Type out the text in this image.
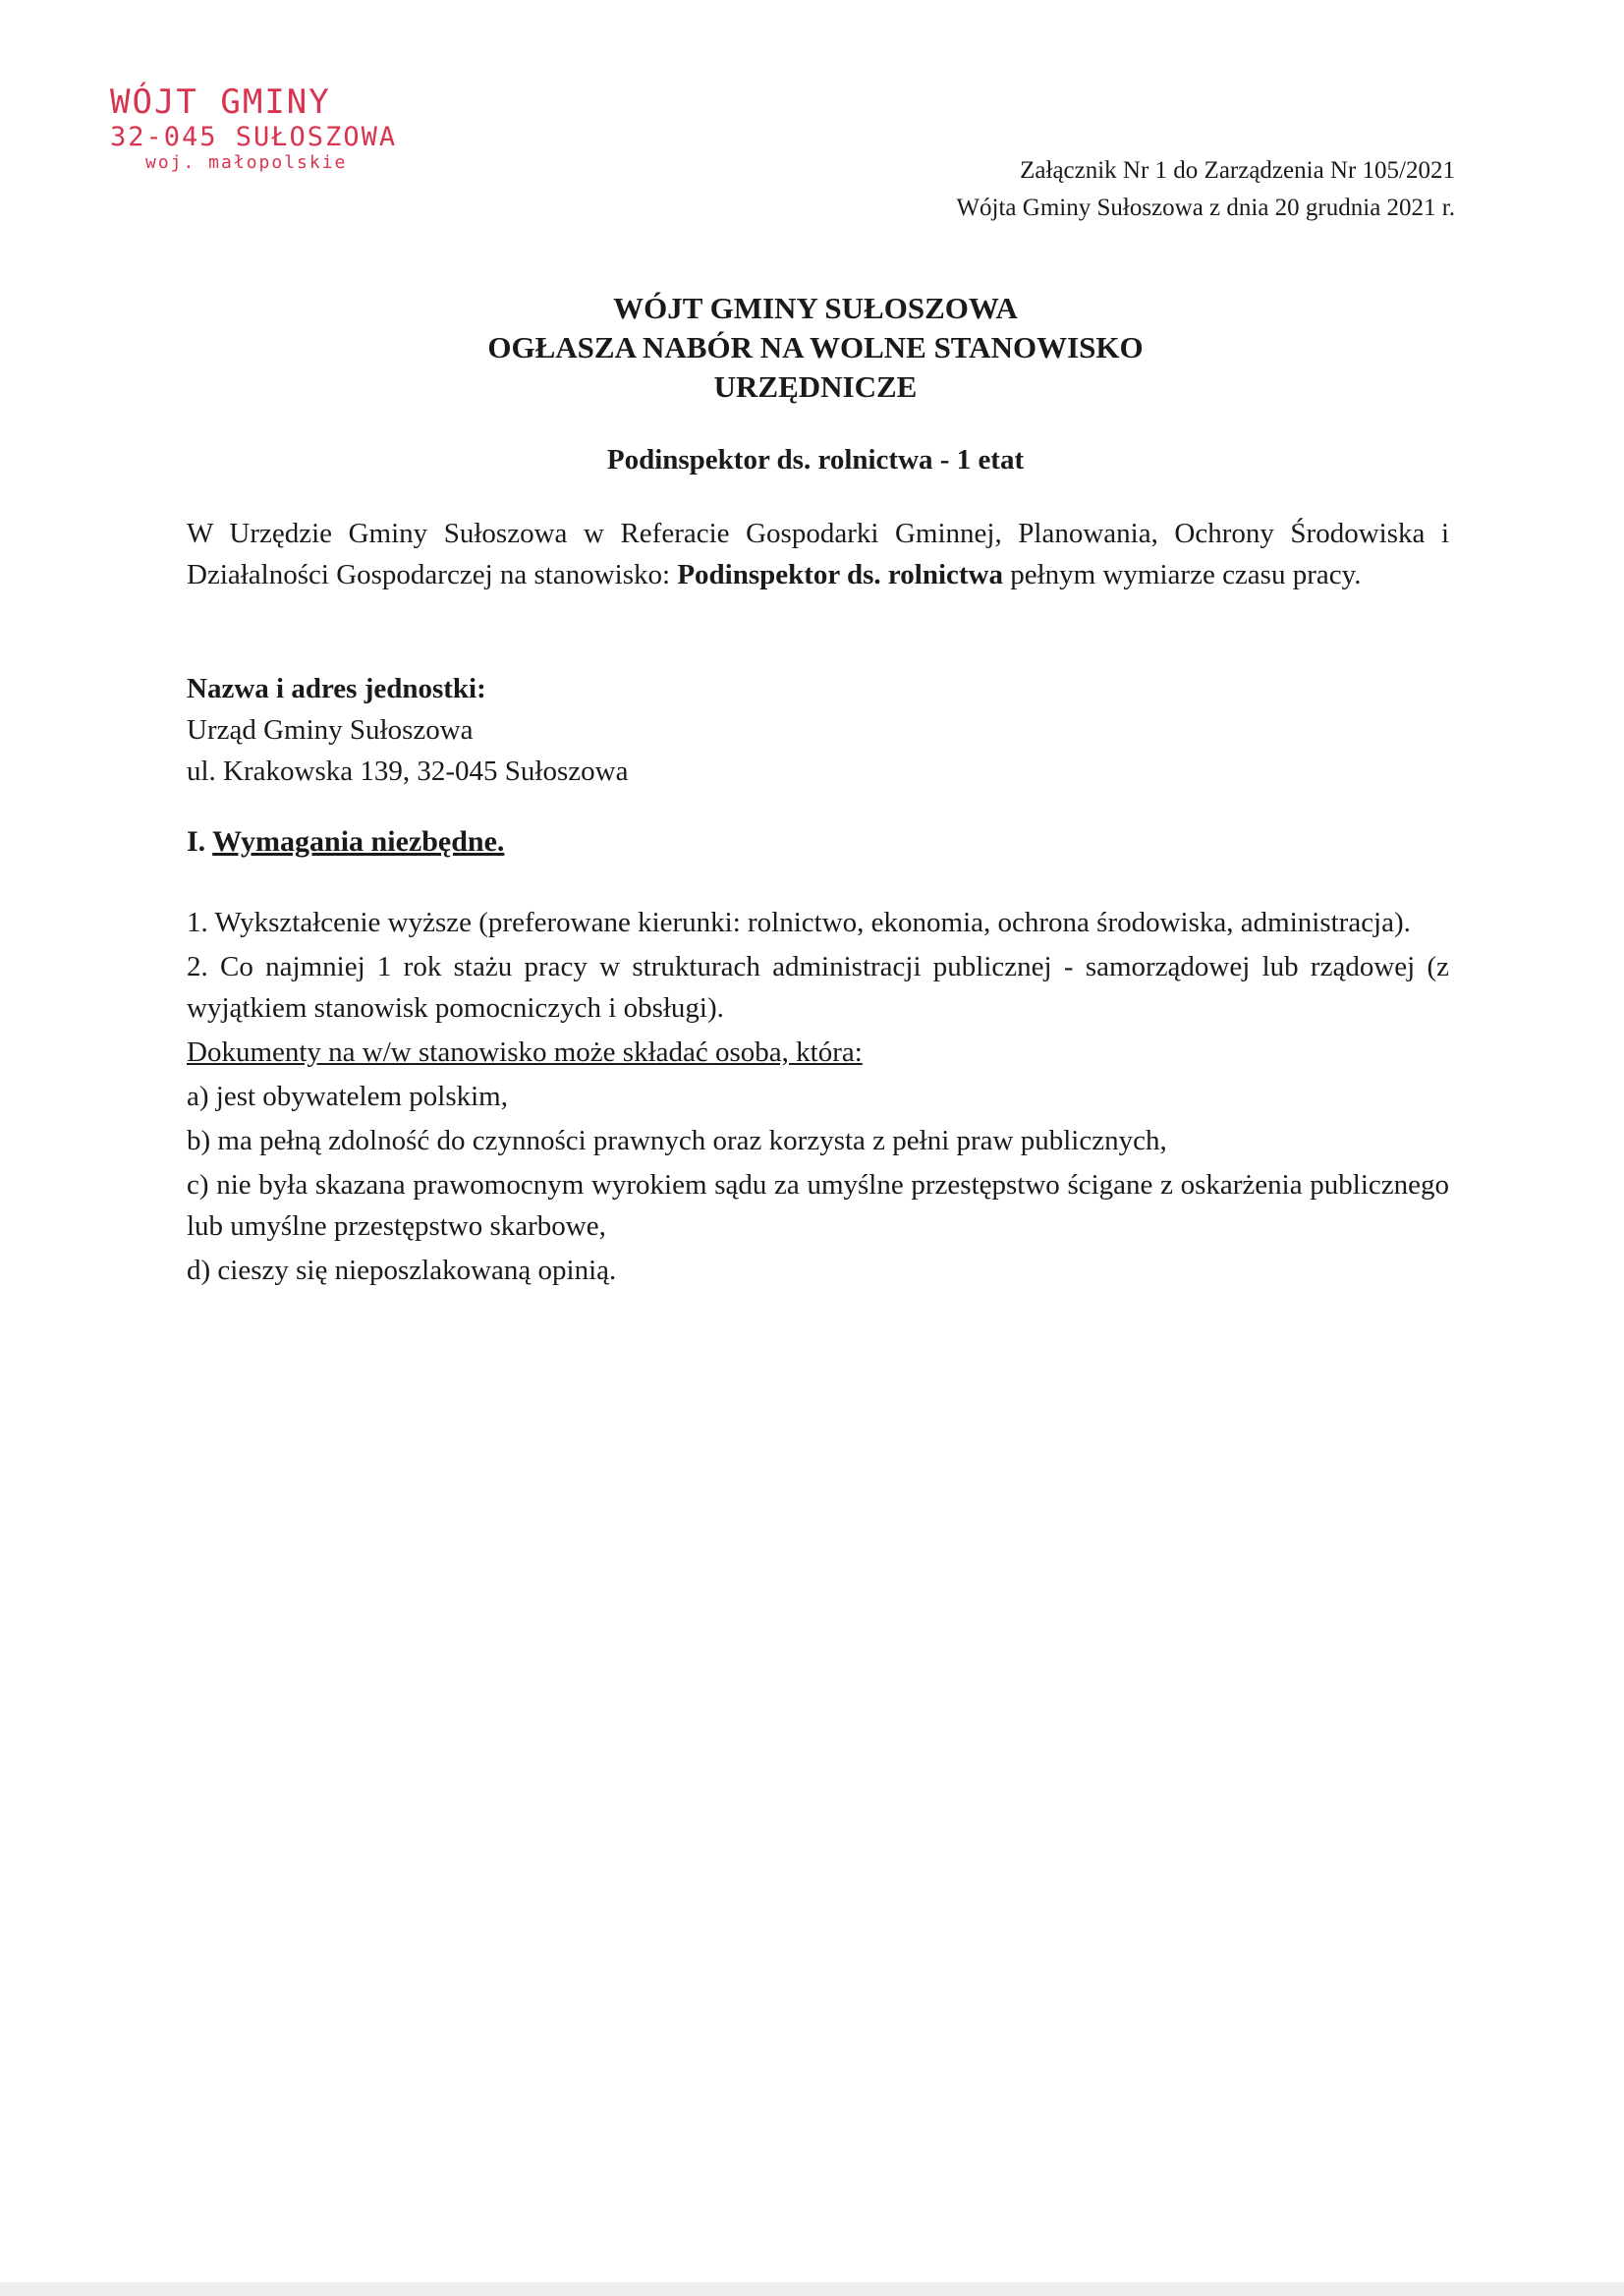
WÓJT GMINY
32-045 SUŁOSZOWA
woj. małopolskie	Załącznik Nr 1 do Zarządzenia Nr 105/2021
Wójta Gminy Sułoszowa z dnia 20 grudnia 2021 r.
WÓJT GMINY SUŁOSZOWA
OGŁASZA NABÓR NA WOLNE STANOWISKO
URZĘDNICZE
Podinspektor ds. rolnictwa - 1 etat
W Urzędzie Gminy Sułoszowa w Referacie Gospodarki Gminnej, Planowania, Ochrony Środowiska i Działalności Gospodarczej na stanowisko: Podinspektor ds. rolnictwa pełnym wymiarze czasu pracy.
Nazwa i adres jednostki:
Urząd Gminy Sułoszowa
ul. Krakowska 139, 32-045 Sułoszowa
I. Wymagania niezbędne.

1. Wykształcenie wyższe (preferowane kierunki: rolnictwo, ekonomia, ochrona środowiska, administracja).

2. Co najmniej 1 rok stażu pracy w strukturach administracji publicznej - samorządowej lub rządowej (z wyjątkiem stanowisk pomocniczych i obsługi).

Dokumenty na w/w stanowisko może składać osoba, która:

a) jest obywatelem polskim,

b) ma pełną zdolność do czynności prawnych oraz korzysta z pełni praw publicznych,

c) nie była skazana prawomocnym wyrokiem sądu za umyślne przestępstwo ścigane z oskarżenia publicznego lub umyślne przestępstwo skarbowe,

d) cieszy się nieposzlakowaną opinią.
